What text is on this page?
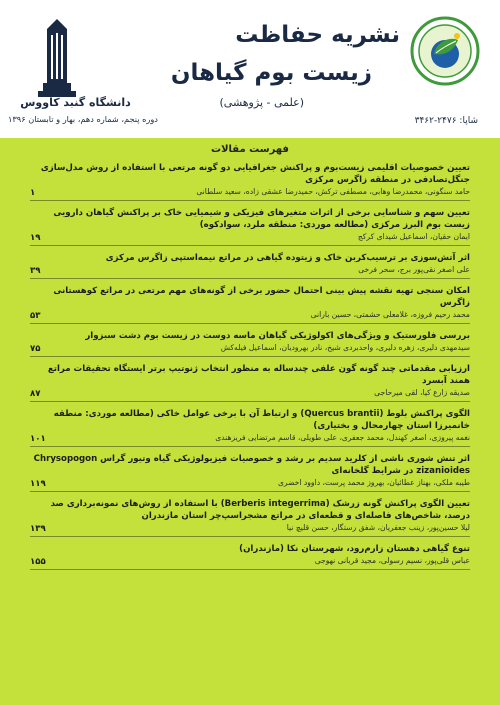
دانشگاه گنبد کاووس
دوره پنجم، شماره دهم، بهار و تابستان ۱۳۹۶
نشریه حفاظت
زیست بوم گیاهان
(علمی - پژوهشی)
شاپا: ۲۴۷۶-۳۴۶۲
فهرست مقالات
تعیین خصوصیات اقلیمی زیست‌بوم و پراکنش جغرافیایی دو گونه مرتعی با استفاده از روش مدل‌سازی جنگل‌تصادفی در منطقه زاگرس مرکزی
حامد سنگونی، محمدرضا وهابی، مصطفی ترکش، حمیدرضا عشقی زاده، سعید سلطانی
۱
تعیین سهم و شناسایی برخی از اثرات متغیرهای فیزیکی و شیمیایی خاک بر پراکنش گیاهان دارویی زیست بوم البرز مرکزی (مطالعه موردی: منطقه ملرد، سوادکوه)
ایمان حقیان، اسماعیل شیدای کرکج
۱۹
اثر آتش‌سوزی بر ترسیب‌کربن خاک و زیتوده گیاهی در مراتع نیمه‌استپی زاگرس مرکزی
علی اصغر نقی‌پور برج، سحر فرخی
۳۹
امکان سنجی تهیه نقشه پیش بینی احتمال حضور برخی از گونه‌های مهم مرتعی در مراتع کوهستانی زاگرس
محمد رحیم فروزه، غلامعلی حشمتی، حسین بارانی
۵۳
بررسی فلورستیک و ویژگی‌های اکولوژیکی گیاهان ماسه دوست در زیست بوم دشت سبزوار
سیدمهدی دلیری، زهره دلیری، واحدبردی شیخ، نادر بهرودیان، اسماعیل فیله‌کش
۷۵
ارزیابی مقدماتی چند گونه گون علفی چندساله به منظور انتخاب ژنوتیپ برتر ایستگاه تحقیقات مراتع همند آبسرد
صدیقه زارع کیا، لقی میرحاجی
۸۷
الگوی پراکنش بلوط (Quercus brantii) و ارتباط آن با برخی عوامل خاکی (مطالعه موردی: منطقه خانمیرزا استان چهارمحال و بختیاری)
نغمه پیروزی، اصغر کهندل، محمد جعفری، علی طویلی، قاسم مرتضایی فریزهندی
۱۰۱
اثر تنش شوری ناشی از کلرید سدیم بر رشد و خصوصیات فیزیولوژیکی گیاه وتیور گراس Chrysopogon zizanioides در شرایط گلخانه‌ای
طیبه ملکی، بهناز عطائیان، بهروز محمد پرست، داوود اخضری
۱۱۹
تعیین الگوی پراکنش گونه زرشک (Berberis integerrima) با استفاده از روش‌های نمونه‌برداری صد درصد، شاخص‌های فاصله‌ای و قطعه‌ای در مراتع مشجراسپ‌چر استان مازندران
لیلا حسین‌پور، زینب جعفریان، شفق رستگار، حسن قلیچ نیا
۱۳۹
تنوع گیاهی دهستان زارم‌رود، شهرستان نکا (مازندران)
عباس قلی‌پور، نسیم رسولی، مجید قربانی نهوجی
۱۵۵
